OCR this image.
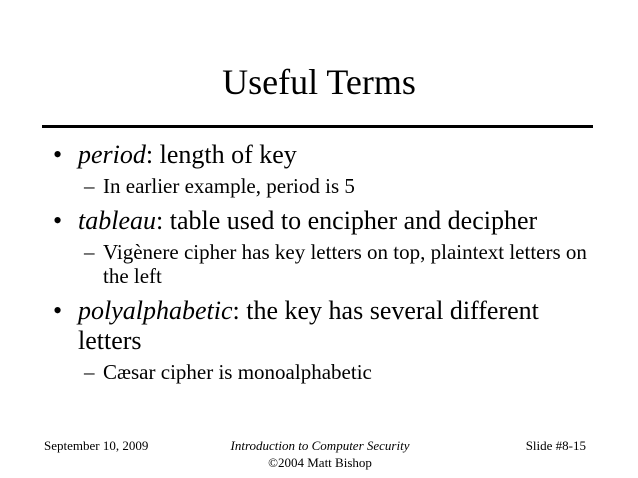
Useful Terms
• period: length of key
– In earlier example, period is 5
• tableau: table used to encipher and decipher
– Vigènere cipher has key letters on top, plaintext letters on the left
• polyalphabetic: the key has several different letters
– Cæsar cipher is monoalphabetic
September 10, 2009	Introduction to Computer Security
©2004 Matt Bishop
Slide #8-15
